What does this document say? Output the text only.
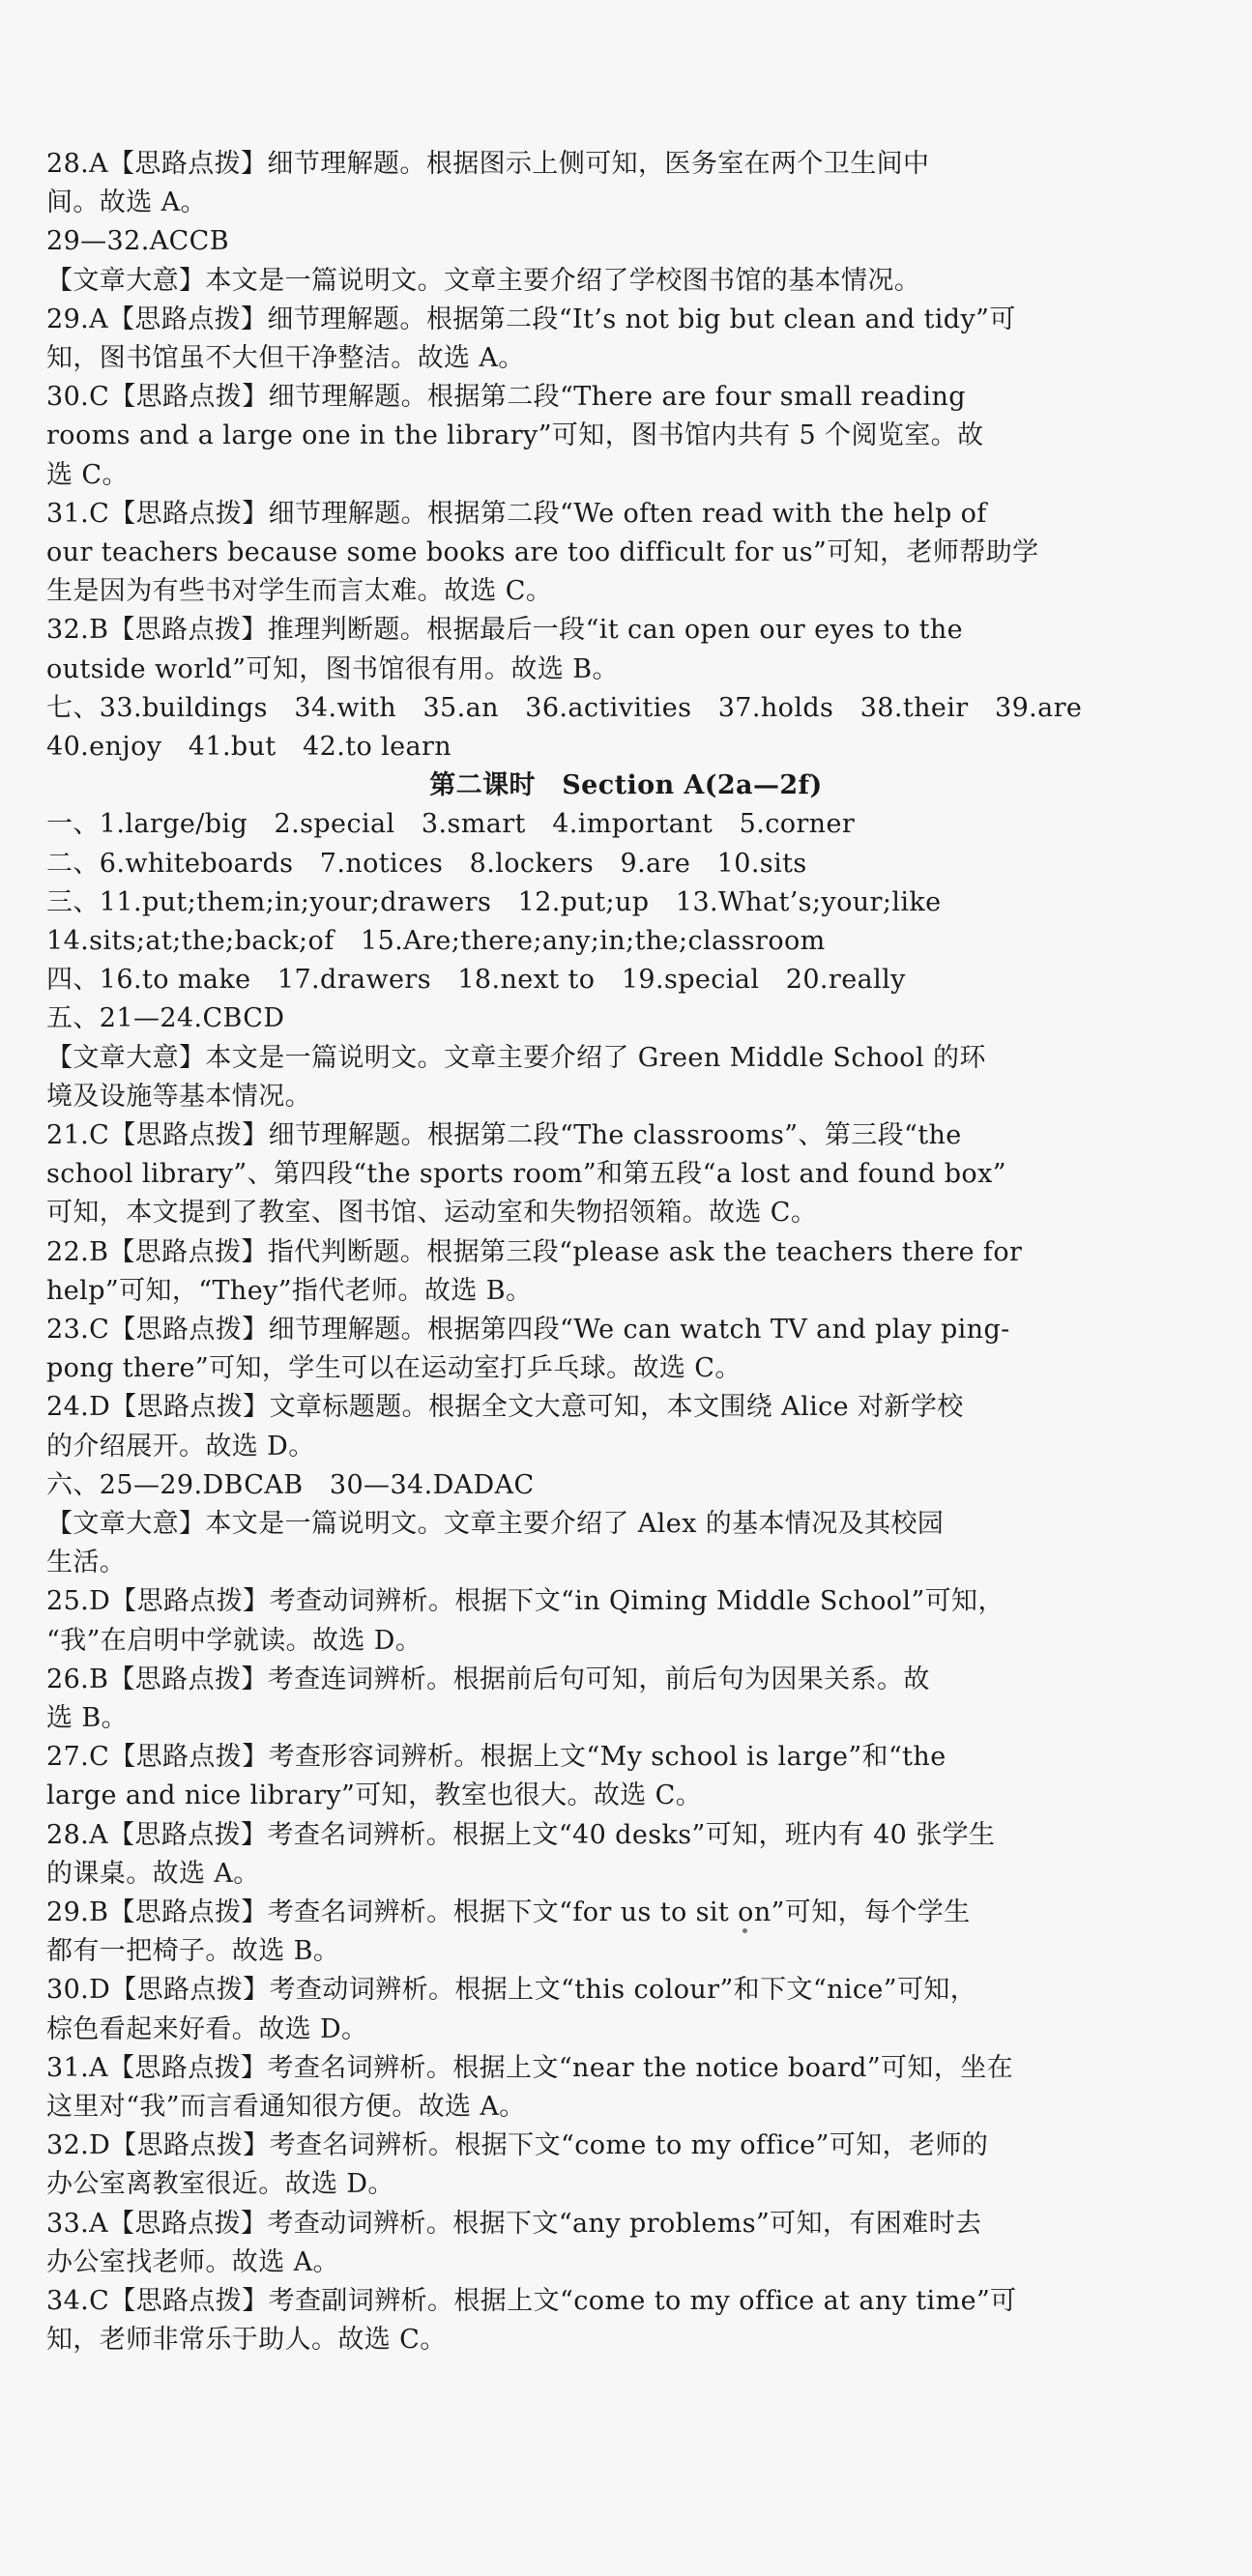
28.A【思路点拨】细节理解题。根据图示上侧可知，医务室在两个卫生间中
间。故选 A。
29—32.ACCB
【文章大意】本文是一篇说明文。文章主要介绍了学校图书馆的基本情况。
29.A【思路点拨】细节理解题。根据第二段“It’s not big but clean and tidy”可
知，图书馆虽不大但干净整洁。故选 A。
30.C【思路点拨】细节理解题。根据第二段“There are four small reading
rooms and a large one in the library”可知，图书馆内共有 5 个阅览室。故
选 C。
31.C【思路点拨】细节理解题。根据第二段“We often read with the help of
our teachers because some books are too difficult for us”可知，老师帮助学
生是因为有些书对学生而言太难。故选 C。
32.B【思路点拨】推理判断题。根据最后一段“it can open our eyes to the
outside world”可知，图书馆很有用。故选 B。
七、33.buildings　34.with　35.an　36.activities　37.holds　38.their　39.are
40.enjoy　41.but　42.to learn
第二课时　Section A(2a—2f)
一、1.large/big　2.special　3.smart　4.important　5.corner
二、6.whiteboards　7.notices　8.lockers　9.are　10.sits
三、11.put;them;in;your;drawers　12.put;up　13.What’s;your;like
14.sits;at;the;back;of　15.Are;there;any;in;the;classroom
四、16.to make　17.drawers　18.next to　19.special　20.really
五、21—24.CBCD
【文章大意】本文是一篇说明文。文章主要介绍了 Green Middle School 的环
境及设施等基本情况。
21.C【思路点拨】细节理解题。根据第二段“The classrooms”、第三段“the
school library”、第四段“the sports room”和第五段“a lost and found box”
可知，本文提到了教室、图书馆、运动室和失物招领箱。故选 C。
22.B【思路点拨】指代判断题。根据第三段“please ask the teachers there for
help”可知，“They”指代老师。故选 B。
23.C【思路点拨】细节理解题。根据第四段“We can watch TV and play ping-
pong there”可知，学生可以在运动室打乒乓球。故选 C。
24.D【思路点拨】文章标题题。根据全文大意可知，本文围绕 Alice 对新学校
的介绍展开。故选 D。
六、25—29.DBCAB　30—34.DADAC
【文章大意】本文是一篇说明文。文章主要介绍了 Alex 的基本情况及其校园
生活。
25.D【思路点拨】考查动词辨析。根据下文“in Qiming Middle School”可知，
“我”在启明中学就读。故选 D。
26.B【思路点拨】考查连词辨析。根据前后句可知，前后句为因果关系。故
选 B。
27.C【思路点拨】考查形容词辨析。根据上文“My school is large”和“the
large and nice library”可知，教室也很大。故选 C。
28.A【思路点拨】考查名词辨析。根据上文“40 desks”可知，班内有 40 张学生
的课桌。故选 A。
29.B【思路点拨】考查名词辨析。根据下文“for us to sit on”可知，每个学生
都有一把椅子。故选 B。
30.D【思路点拨】考查动词辨析。根据上文“this colour”和下文“nice”可知，
棕色看起来好看。故选 D。
31.A【思路点拨】考查名词辨析。根据上文“near the notice board”可知，坐在
这里对“我”而言看通知很方便。故选 A。
32.D【思路点拨】考查名词辨析。根据下文“come to my office”可知，老师的
办公室离教室很近。故选 D。
33.A【思路点拨】考查动词辨析。根据下文“any problems”可知，有困难时去
办公室找老师。故选 A。
34.C【思路点拨】考查副词辨析。根据上文“come to my office at any time”可
知，老师非常乐于助人。故选 C。
